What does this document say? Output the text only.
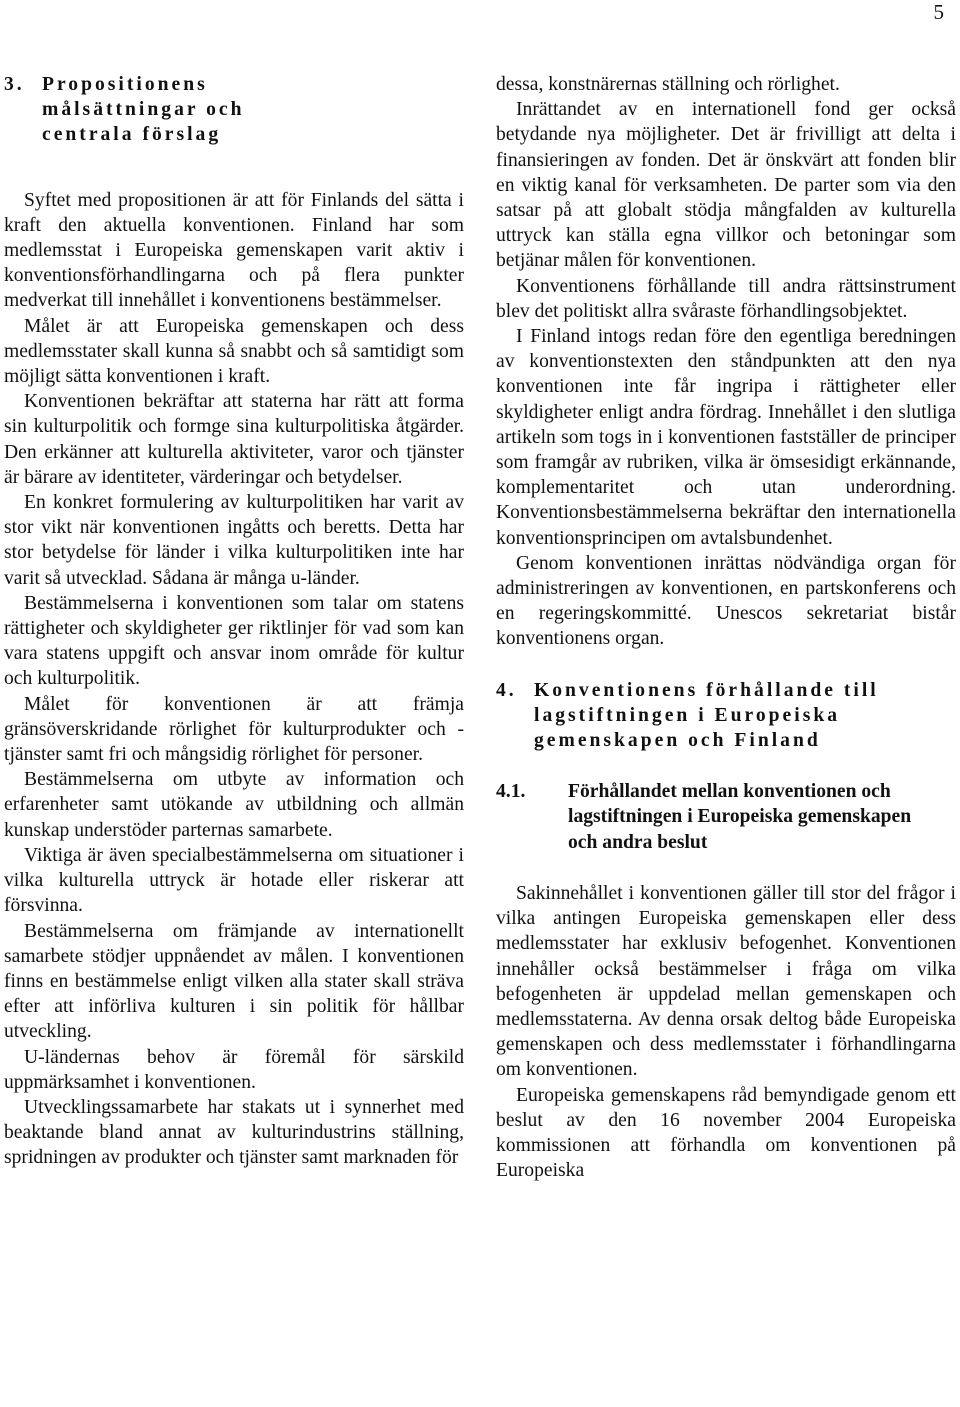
5
3. Propositionens målsättningar och centrala förslag

Syftet med propositionen är att för Finlands del sätta i kraft den aktuella konventionen. Finland har som medlemsstat i Europeiska gemenskapen varit aktiv i konventionsförhandlingarna och på flera punkter medverkat till innehållet i konventionens bestämmelser.

Målet är att Europeiska gemenskapen och dess medlemsstater skall kunna så snabbt och så samtidigt som möjligt sätta konventionen i kraft.

Konventionen bekräftar att staterna har rätt att forma sin kulturpolitik och formge sina kulturpolitiska åtgärder. Den erkänner att kulturella aktiviteter, varor och tjänster är bärare av identiteter, värderingar och betydelser.

En konkret formulering av kulturpolitiken har varit av stor vikt när konventionen ingåtts och beretts. Detta har stor betydelse för länder i vilka kulturpolitiken inte har varit så utvecklad. Sådana är många u-länder.

Bestämmelserna i konventionen som talar om statens rättigheter och skyldigheter ger riktlinjer för vad som kan vara statens uppgift och ansvar inom område för kultur och kulturpolitik.

Målet för konventionen är att främja gränsöverskridande rörlighet för kulturprodukter och -tjänster samt fri och mångsidig rörlighet för personer.

Bestämmelserna om utbyte av information och erfarenheter samt utökande av utbildning och allmän kunskap understöder parternas samarbete.

Viktiga är även specialbestämmelserna om situationer i vilka kulturella uttryck är hotade eller riskerar att försvinna.

Bestämmelserna om främjande av internationellt samarbete stödjer uppnåendet av målen. I konventionen finns en bestämmelse enligt vilken alla stater skall sträva efter att införliva kulturen i sin politik för hållbar utveckling.

U-ländernas behov är föremål för särskild uppmärksamhet i konventionen.

Utvecklingssamarbete har stakats ut i synnerhet med beaktande bland annat av kulturindustrins ställning, spridningen av produkter och tjänster samt marknaden för

dessa, konstnärernas ställning och rörlighet.

Inrättandet av en internationell fond ger också betydande nya möjligheter. Det är frivilligt att delta i finansieringen av fonden. Det är önskvärt att fonden blir en viktig kanal för verksamheten. De parter som via den satsar på att globalt stödja mångfalden av kulturella uttryck kan ställa egna villkor och betoningar som betjänar målen för konventionen.

Konventionens förhållande till andra rättsinstrument blev det politiskt allra svåraste förhandlingsobjektet.

I Finland intogs redan före den egentliga beredningen av konventionstexten den ståndpunkten att den nya konventionen inte får ingripa i rättigheter eller skyldigheter enligt andra fördrag. Innehållet i den slutliga artikeln som togs in i konventionen fastställer de principer som framgår av rubriken, vilka är ömsesidigt erkännande, komplementaritet och utan underordning. Konventionsbestämmelserna bekräftar den internationella konventionsprincipen om avtalsbundenhet.

Genom konventionen inrättas nödvändiga organ för administreringen av konventionen, en partskonferens och en regeringskommitté. Unescos sekretariat bistår konventionens organ.

4. Konventionens förhållande till lagstiftningen i Europeiska gemenskapen och Finland
4.1.	Förhållandet mellan konventionen och lagstiftningen i Europeiska gemenskapen och andra beslut

Sakinnehållet i konventionen gäller till stor del frågor i vilka antingen Europeiska gemenskapen eller dess medlemsstater har exklusiv befogenhet. Konventionen innehåller också bestämmelser i fråga om vilka befogenheten är uppdelad mellan gemenskapen och medlemsstaterna. Av denna orsak deltog både Europeiska gemenskapen och dess medlemsstater i förhandlingarna om konventionen.

Europeiska gemenskapens råd bemyndigade genom ett beslut av den 16 november 2004 Europeiska kommissionen att förhandla om konventionen på Europeiska
